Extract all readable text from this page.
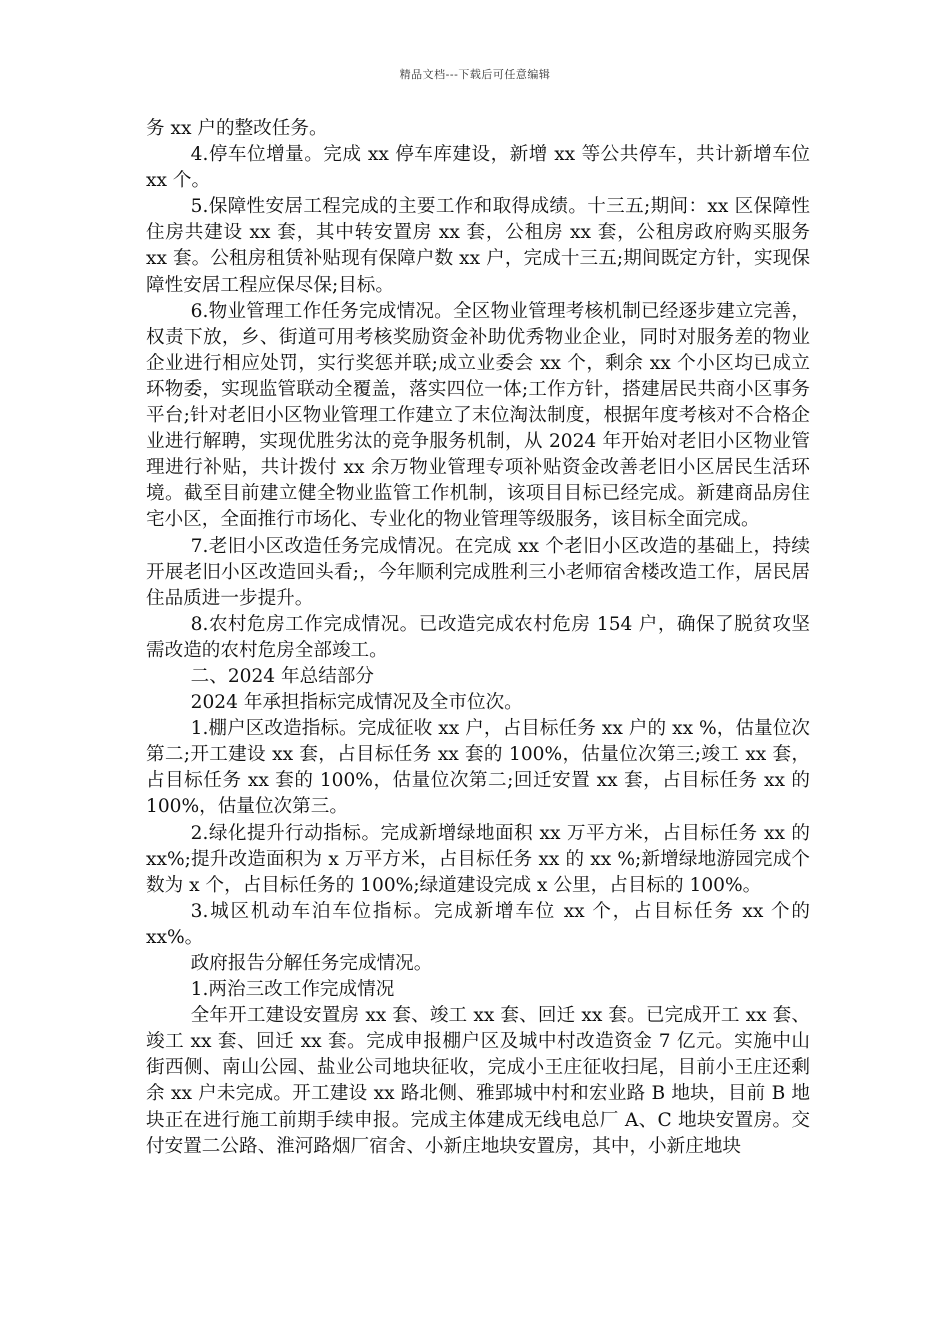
精品文档---下载后可任意编辑

务 xx 户的整改任务。

4.停车位增量。完成 xx 停车库建设，新增 xx 等公共停车，共计新增车位 xx 个。

5.保障性安居工程完成的主要工作和取得成绩。十三五;期间：xx 区保障性住房共建设 xx 套，其中转安置房 xx 套，公租房 xx 套，公租房政府购买服务 xx 套。公租房租赁补贴现有保障户数 xx 户，完成十三五;期间既定方针，实现保障性安居工程应保尽保;目标。

6.物业管理工作任务完成情况。全区物业管理考核机制已经逐步建立完善，权责下放，乡、街道可用考核奖励资金补助优秀物业企业，同时对服务差的物业企业进行相应处罚，实行奖惩并联;成立业委会 xx 个，剩余 xx 个小区均已成立环物委，实现监管联动全覆盖，落实四位一体;工作方针，搭建居民共商小区事务平台;针对老旧小区物业管理工作建立了末位淘汰制度，根据年度考核对不合格企业进行解聘，实现优胜劣汰的竞争服务机制，从 2024 年开始对老旧小区物业管理进行补贴，共计拨付 xx 余万物业管理专项补贴资金改善老旧小区居民生活环境。截至目前建立健全物业监管工作机制，该项目目标已经完成。新建商品房住宅小区，全面推行市场化、专业化的物业管理等级服务，该目标全面完成。

7.老旧小区改造任务完成情况。在完成 xx 个老旧小区改造的基础上，持续开展老旧小区改造回头看;，今年顺利完成胜利三小老师宿舍楼改造工作，居民居住品质进一步提升。

8.农村危房工作完成情况。已改造完成农村危房 154 户，确保了脱贫攻坚需改造的农村危房全部竣工。

二、2024 年总结部分

2024 年承担指标完成情况及全市位次。

1.棚户区改造指标。完成征收 xx 户，占目标任务 xx 户的 xx %，估量位次第二;开工建设 xx 套，占目标任务 xx 套的 100%，估量位次第三;竣工 xx 套，占目标任务 xx 套的 100%，估量位次第二;回迁安置 xx 套，占目标任务 xx 的 100%，估量位次第三。

2.绿化提升行动指标。完成新增绿地面积 xx 万平方米，占目标任务 xx 的 xx%;提升改造面积为 x 万平方米，占目标任务 xx 的 xx %;新增绿地游园完成个数为 x 个，占目标任务的 100%;绿道建设完成 x 公里，占目标的 100%。

3.城区机动车泊车位指标。完成新增车位 xx 个，占目标任务 xx 个的 xx%。

政府报告分解任务完成情况。

1.两治三改工作完成情况

全年开工建设安置房 xx 套、竣工 xx 套、回迁 xx 套。已完成开工 xx 套、竣工 xx 套、回迁 xx 套。完成申报棚户区及城中村改造资金 7 亿元。实施中山街西侧、南山公园、盐业公司地块征收，完成小王庄征收扫尾，目前小王庄还剩余 xx 户未完成。开工建设 xx 路北侧、雅郢城中村和宏业路 B 地块，目前 B 地块正在进行施工前期手续申报。完成主体建成无线电总厂 A、C 地块安置房。交付安置二公路、淮河路烟厂宿舍、小新庄地块安置房，其中，小新庄地块
